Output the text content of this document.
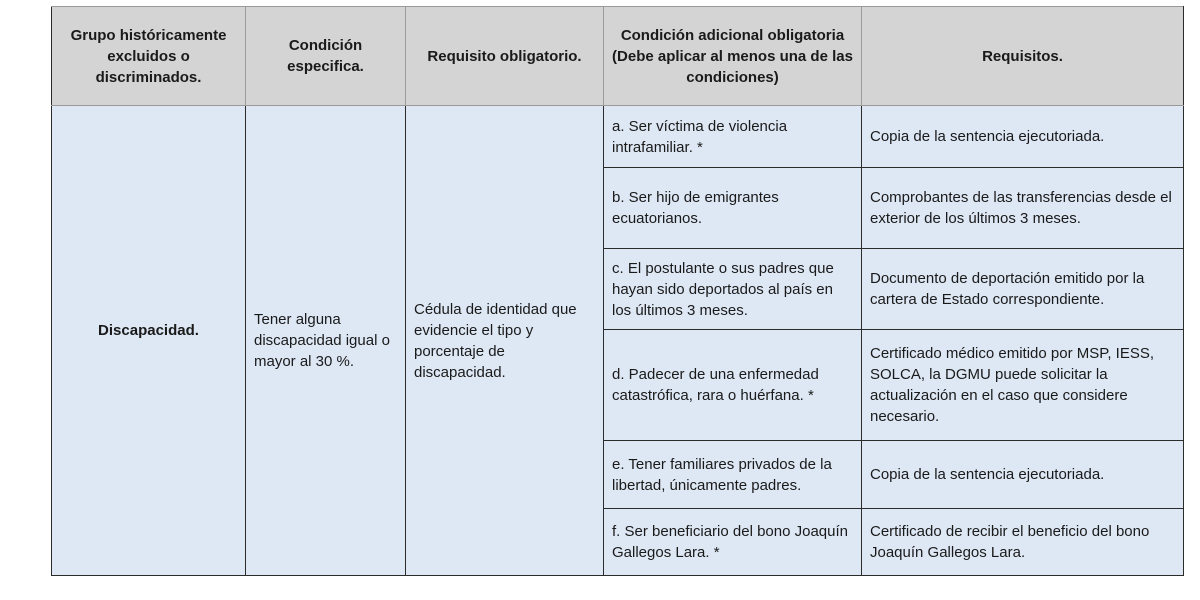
Grupo históricamente excluidos o discriminados.	Condición especifica.	Requisito obligatorio.	Condición adicional obligatoria (Debe aplicar al menos una de las condiciones)	Requisitos.
Discapacidad.	Tener alguna discapacidad igual o mayor al 30 %.	Cédula de identidad que evidencie el tipo y porcentaje de discapacidad.	a. Ser víctima de violencia intrafamiliar. *	Copia de la sentencia ejecutoriada.
			b. Ser hijo de emigrantes ecuatorianos.	Comprobantes de las transferencias desde el exterior de los últimos 3 meses.
			c. El postulante o sus padres que hayan sido deportados al país en los últimos 3 meses.	Documento de deportación emitido por la cartera de Estado correspondiente.
			d. Padecer de una enfermedad catastrófica, rara o huérfana. *	Certificado médico emitido por MSP, IESS, SOLCA, la DGMU puede solicitar la actualización en el caso que considere necesario.
			e. Tener familiares privados de la libertad, únicamente padres.	Copia de la sentencia ejecutoriada.
			f. Ser beneficiario del bono Joaquín Gallegos Lara. *	Certificado de recibir el beneficio del bono Joaquín Gallegos Lara.
